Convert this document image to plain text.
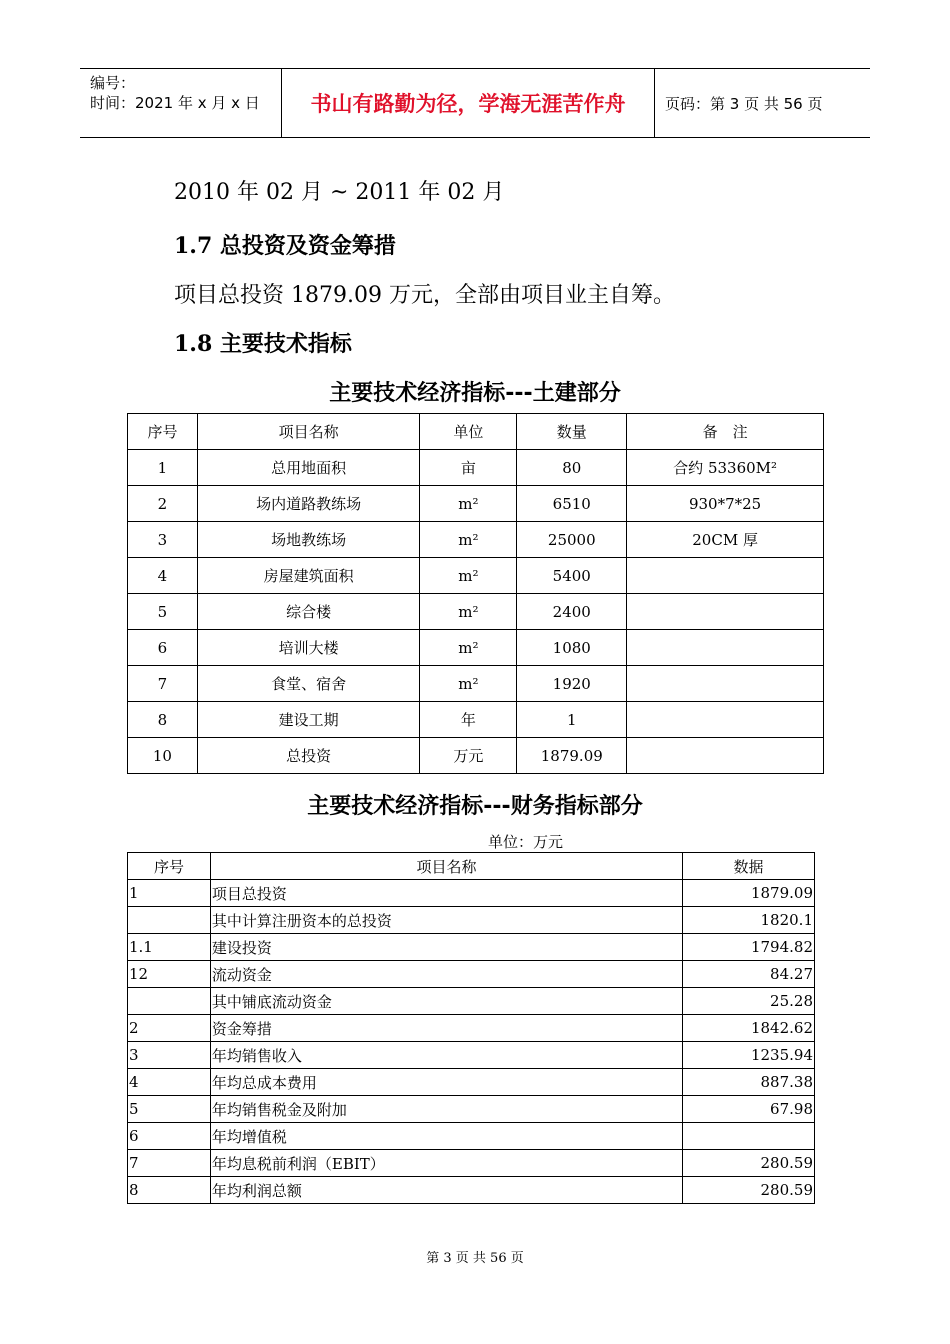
编号：
时间：2021 年 x 月 x 日	书山有路勤为径，学海无涯苦作舟	页码：第 3 页 共 56 页
2010 年 02 月 ~ 2011 年 02 月
1.7 总投资及资金筹措
项目总投资 1879.09 万元，全部由项目业主自筹。
1.8 主要技术指标
主要技术经济指标---土建部分
序号	项目名称	单位	数量	备　注
1	总用地面积	亩	80	合约 53360M²
2	场内道路教练场	m²	6510	930*7*25
3	场地教练场	m²	25000	20CM 厚
4	房屋建筑面积	m²	5400	
5	综合楼	m²	2400	
6	培训大楼	m²	1080	
7	食堂、宿舍	m²	1920	
8	建设工期	年	1	
10	总投资	万元	1879.09	
主要技术经济指标---财务指标部分
单位：万元
序号	项目名称	数据
1	项目总投资	1879.09
	其中计算注册资本的总投资	1820.1
1.1	建设投资	1794.82
12	流动资金	84.27
	其中铺底流动资金	25.28
2	资金筹措	1842.62
3	年均销售收入	1235.94
4	年均总成本费用	887.38
5	年均销售税金及附加	67.98
6	年均增值税	
7	年均息税前利润（EBIT）	280.59
8	年均利润总额	280.59
第 3 页 共 56 页
